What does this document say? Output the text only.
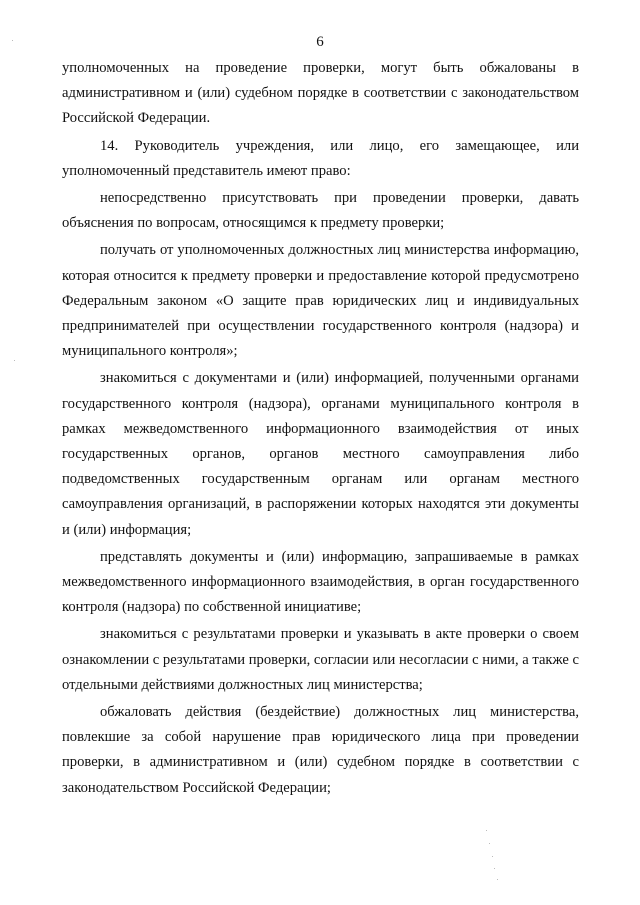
6

уполномоченных на проведение проверки, могут быть обжалованы в административном и (или) судебном порядке в соответствии с законодательством Российской Федерации.

14. Руководитель учреждения, или лицо, его замещающее, или уполномоченный представитель имеют право:

непосредственно присутствовать при проведении проверки, давать объяснения по вопросам, относящимся к предмету проверки;

получать от уполномоченных должностных лиц министерства информацию, которая относится к предмету проверки и предоставление которой предусмотрено Федеральным законом «О защите прав юридических лиц и индивидуальных предпринимателей при осуществлении государственного контроля (надзора) и муниципального контроля»;

знакомиться с документами и (или) информацией, полученными органами государственного контроля (надзора), органами муниципального контроля в рамках межведомственного информационного взаимодействия от иных государственных органов, органов местного самоуправления либо подведомственных государственным органам или органам местного самоуправления организаций, в распоряжении которых находятся эти документы и (или) информация;

представлять документы и (или) информацию, запрашиваемые в рамках межведомственного информационного взаимодействия, в орган государственного контроля (надзора) по собственной инициативе;

знакомиться с результатами проверки и указывать в акте проверки о своем ознакомлении с результатами проверки, согласии или несогласии с ними, а также с отдельными действиями должностных лиц министерства;

обжаловать действия (бездействие) должностных лиц министерства, повлекшие за собой нарушение прав юридического лица при проведении проверки, в административном и (или) судебном порядке в соответствии с законодательством Российской Федерации;
